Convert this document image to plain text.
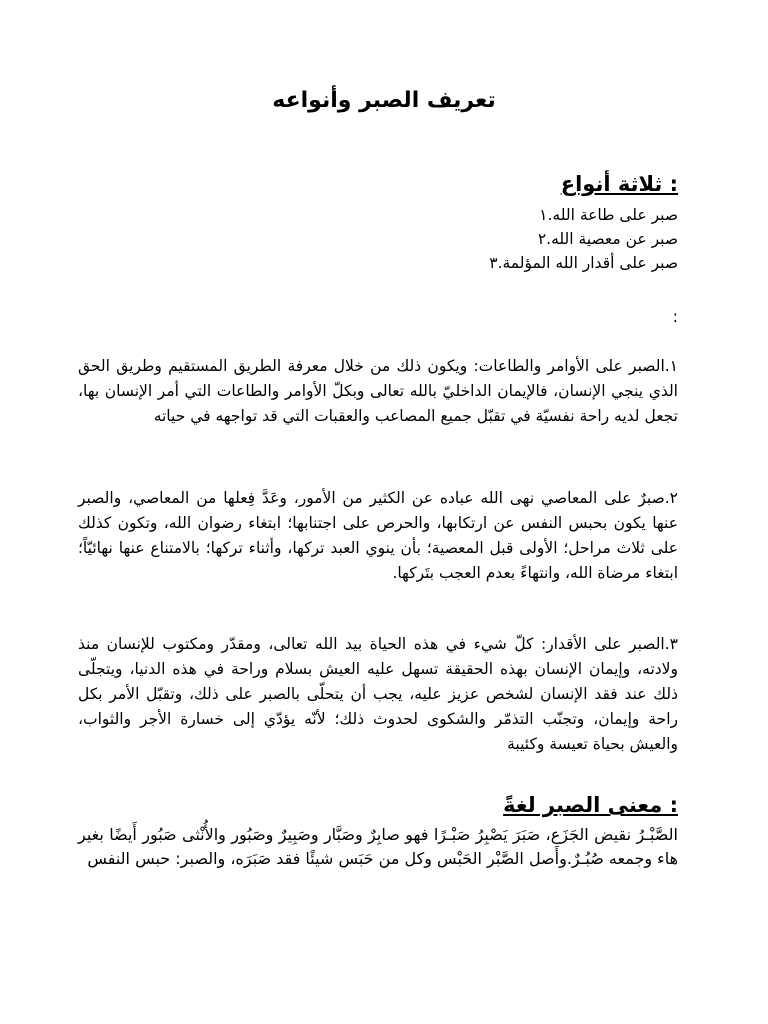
تعريف الصبر وأنواعه
: ثلاثة أنواع
صبر على طاعة الله.١
صبر عن معصية الله.٢
صبر على أقدار الله المؤلمة.٣
:

١.الصبر على الأوامر والطاعات: ويكون ذلك من خلال معرفة الطريق المستقيم وطريق الحق الذي ينجي الإنسان، فالإيمان الداخليّ بالله تعالى وبكلّ الأوامر والطاعات التي أمر الإنسان بها، تجعل لديه راحة نفسيّة في تقبّل جميع المصاعب والعقبات التي قد تواجهه في حياته

٢.صبرٌ على المعاصي نهى الله عباده عن الكثير من الأمور، وعَدَّ فِعلها من المعاصي، والصبر عنها يكون بحبس النفس عن ارتكابها، والحرص على اجتنابها؛ ابتغاء رضوان الله، وتكون كذلك على ثلاث مراحل؛ الأولى قبل المعصية؛ بأن ينوي العبد تركها، وأثناء تركها؛ بالامتناع عنها نهائيّاً؛ ابتغاء مرضاة الله، وانتهاءً بعدم العجب بتَركها.

٣.الصبر على الأقدار: كلّ شيء في هذه الحياة بيد الله تعالى، ومقدّر ومكتوب للإنسان منذ ولادته، وإيمان الإنسان بهذه الحقيقة تسهل عليه العيش بسلام وراحة في هذه الدنيا، ويتجلّى ذلك عند فقد الإنسان لشخص عزيز عليه، يجب أن يتحلّى بالصبر على ذلك، وتقبّل الأمر بكل راحة وإيمان، وتجنّب التذمّر والشكوى لحدوث ذلك؛ لأنّه يؤدّي إلى خسارة الأجر والثواب، والعيش بحياة تعيسة وكئيبة

: معنى الصبر لغةً

الصَّبْـرُ نقيض الجَزَع، صَبَرَ يَصْبِرُ صَبْـرًا فهو صابِرٌ وصَبَّار وصَبِيرٌ وصَبُور والأُنْثى صَبُور أَيضًا بغير هاء وجمعه صُبُـرٌ.وأَصل الصَّبْر الحَبْس وكل من حَبَس شيئًا فقد صَبَرَه، والصبر: حبس النفس
